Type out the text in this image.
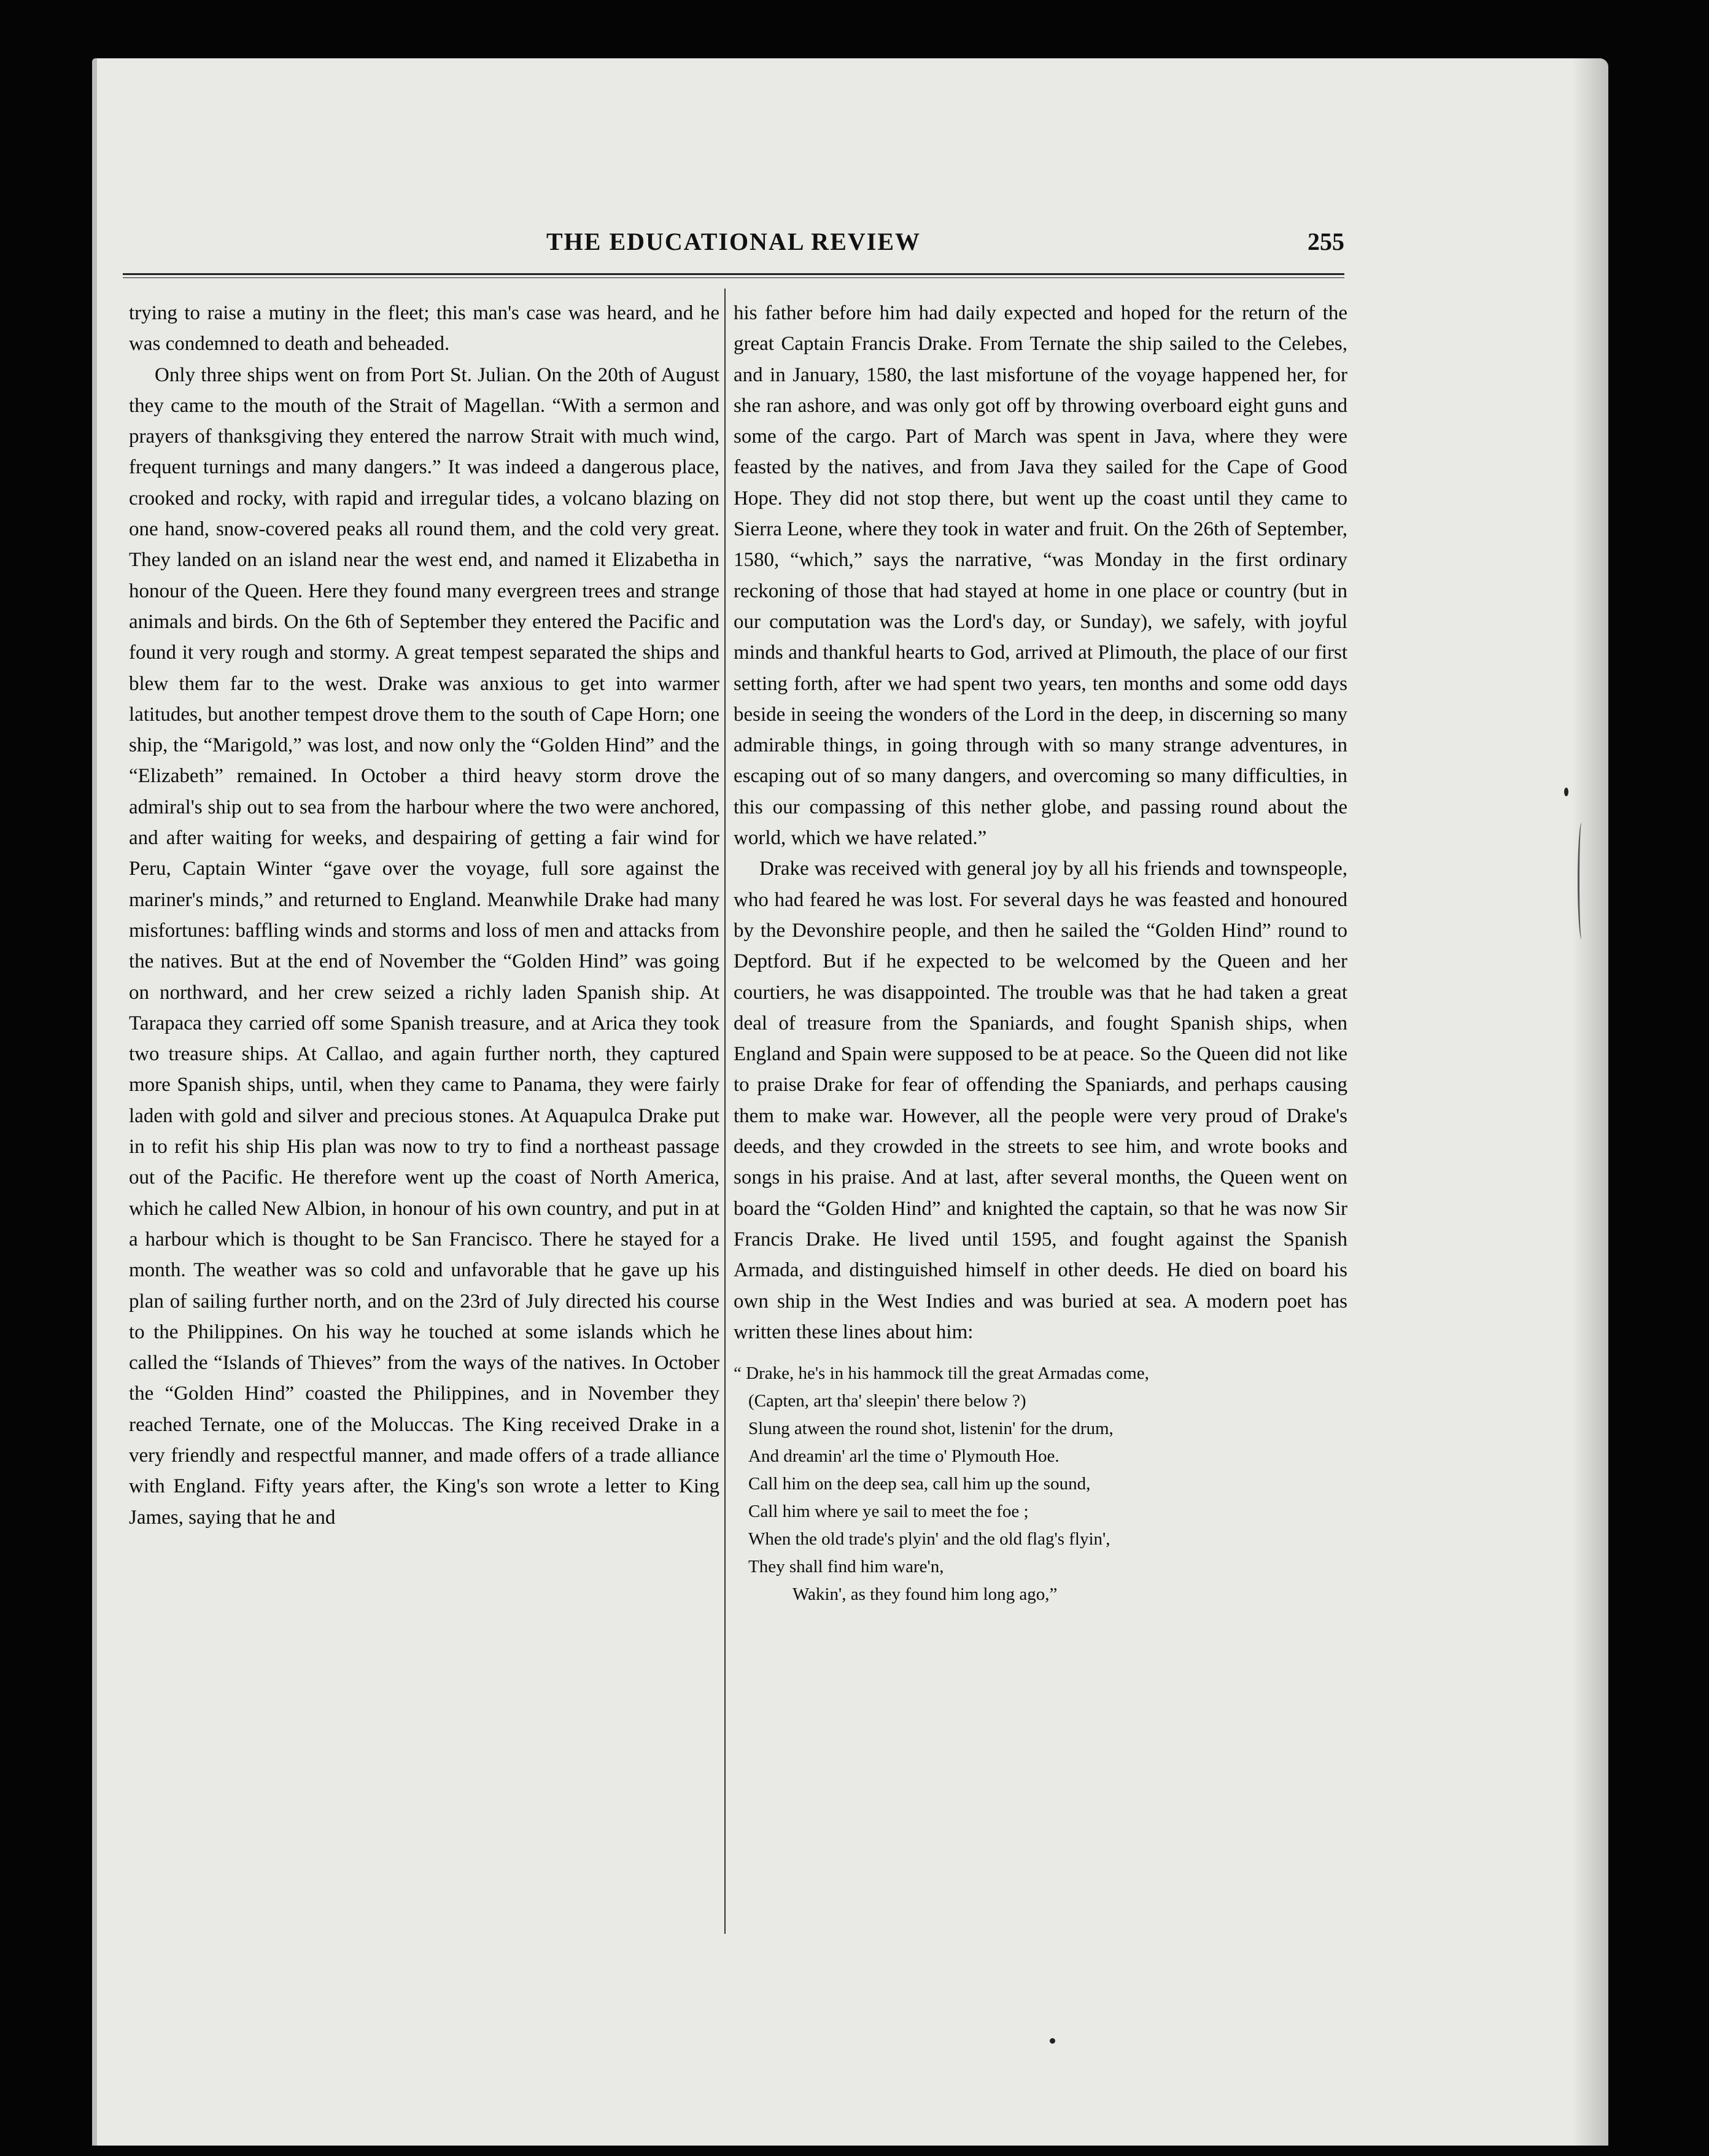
THE EDUCATIONAL REVIEW	255

trying to raise a mutiny in the fleet; this man's case was heard, and he was condemned to death and beheaded.

Only three ships went on from Port St. Julian. On the 20th of August they came to the mouth of the Strait of Magellan. “With a sermon and prayers of thanksgiving they entered the narrow Strait with much wind, frequent turnings and many dangers.” It was indeed a dangerous place, crooked and rocky, with rapid and irregular tides, a volcano blazing on one hand, snow-covered peaks all round them, and the cold very great. They landed on an island near the west end, and named it Elizabetha in honour of the Queen. Here they found many evergreen trees and strange animals and birds. On the 6th of September they entered the Pacific and found it very rough and stormy. A great tempest separated the ships and blew them far to the west. Drake was anxious to get into warmer latitudes, but another tempest drove them to the south of Cape Horn; one ship, the “Marigold,” was lost, and now only the “Golden Hind” and the “Elizabeth” remained. In October a third heavy storm drove the admiral's ship out to sea from the harbour where the two were anchored, and after waiting for weeks, and despairing of getting a fair wind for Peru, Captain Winter “gave over the voyage, full sore against the mariner's minds,” and returned to England. Meanwhile Drake had many misfortunes: baffling winds and storms and loss of men and attacks from the natives. But at the end of November the “Golden Hind” was going on northward, and her crew seized a richly laden Spanish ship. At Tarapaca they carried off some Spanish treasure, and at Arica they took two treasure ships. At Callao, and again further north, they captured more Spanish ships, until, when they came to Panama, they were fairly laden with gold and silver and precious stones. At Aquapulca Drake put in to refit his ship His plan was now to try to find a northeast passage out of the Pacific. He therefore went up the coast of North America, which he called New Albion, in honour of his own country, and put in at a harbour which is thought to be San Francisco. There he stayed for a month. The weather was so cold and unfavorable that he gave up his plan of sailing further north, and on the 23rd of July directed his course to the Philippines. On his way he touched at some islands which he called the “Islands of Thieves” from the ways of the natives. In October the “Golden Hind” coasted the Philippines, and in November they reached Ternate, one of the Moluccas. The King received Drake in a very friendly and respectful manner, and made offers of a trade alliance with England. Fifty years after, the King's son wrote a letter to King James, saying that he and

his father before him had daily expected and hoped for the return of the great Captain Francis Drake. From Ternate the ship sailed to the Celebes, and in January, 1580, the last misfortune of the voyage happened her, for she ran ashore, and was only got off by throwing overboard eight guns and some of the cargo. Part of March was spent in Java, where they were feasted by the natives, and from Java they sailed for the Cape of Good Hope. They did not stop there, but went up the coast until they came to Sierra Leone, where they took in water and fruit. On the 26th of September, 1580, “which,” says the narrative, “was Monday in the first ordinary reckoning of those that had stayed at home in one place or country (but in our computation was the Lord's day, or Sunday), we safely, with joyful minds and thankful hearts to God, arrived at Plimouth, the place of our first setting forth, after we had spent two years, ten months and some odd days beside in seeing the wonders of the Lord in the deep, in discerning so many admirable things, in going through with so many strange adventures, in escaping out of so many dangers, and overcoming so many difficulties, in this our compassing of this nether globe, and passing round about the world, which we have related.”

Drake was received with general joy by all his friends and townspeople, who had feared he was lost. For several days he was feasted and honoured by the Devonshire people, and then he sailed the “Golden Hind” round to Deptford. But if he expected to be welcomed by the Queen and her courtiers, he was disappointed. The trouble was that he had taken a great deal of treasure from the Spaniards, and fought Spanish ships, when England and Spain were supposed to be at peace. So the Queen did not like to praise Drake for fear of offending the Spaniards, and perhaps causing them to make war. However, all the people were very proud of Drake's deeds, and they crowded in the streets to see him, and wrote books and songs in his praise. And at last, after several months, the Queen went on board the “Golden Hind” and knighted the captain, so that he was now Sir Francis Drake. He lived until 1595, and fought against the Spanish Armada, and distinguished himself in other deeds. He died on board his own ship in the West Indies and was buried at sea. A modern poet has written these lines about him:

“ Drake, he's in his hammock till the great Armadas come,
(Capten, art tha' sleepin' there below ?)
Slung atween the round shot, listenin' for the drum,
And dreamin' arl the time o' Plymouth Hoe.
Call him on the deep sea, call him up the sound,
Call him where ye sail to meet the foe ;
When the old trade's plyin' and the old flag's flyin',
They shall find him ware'n,
Wakin', as they found him long ago,”
